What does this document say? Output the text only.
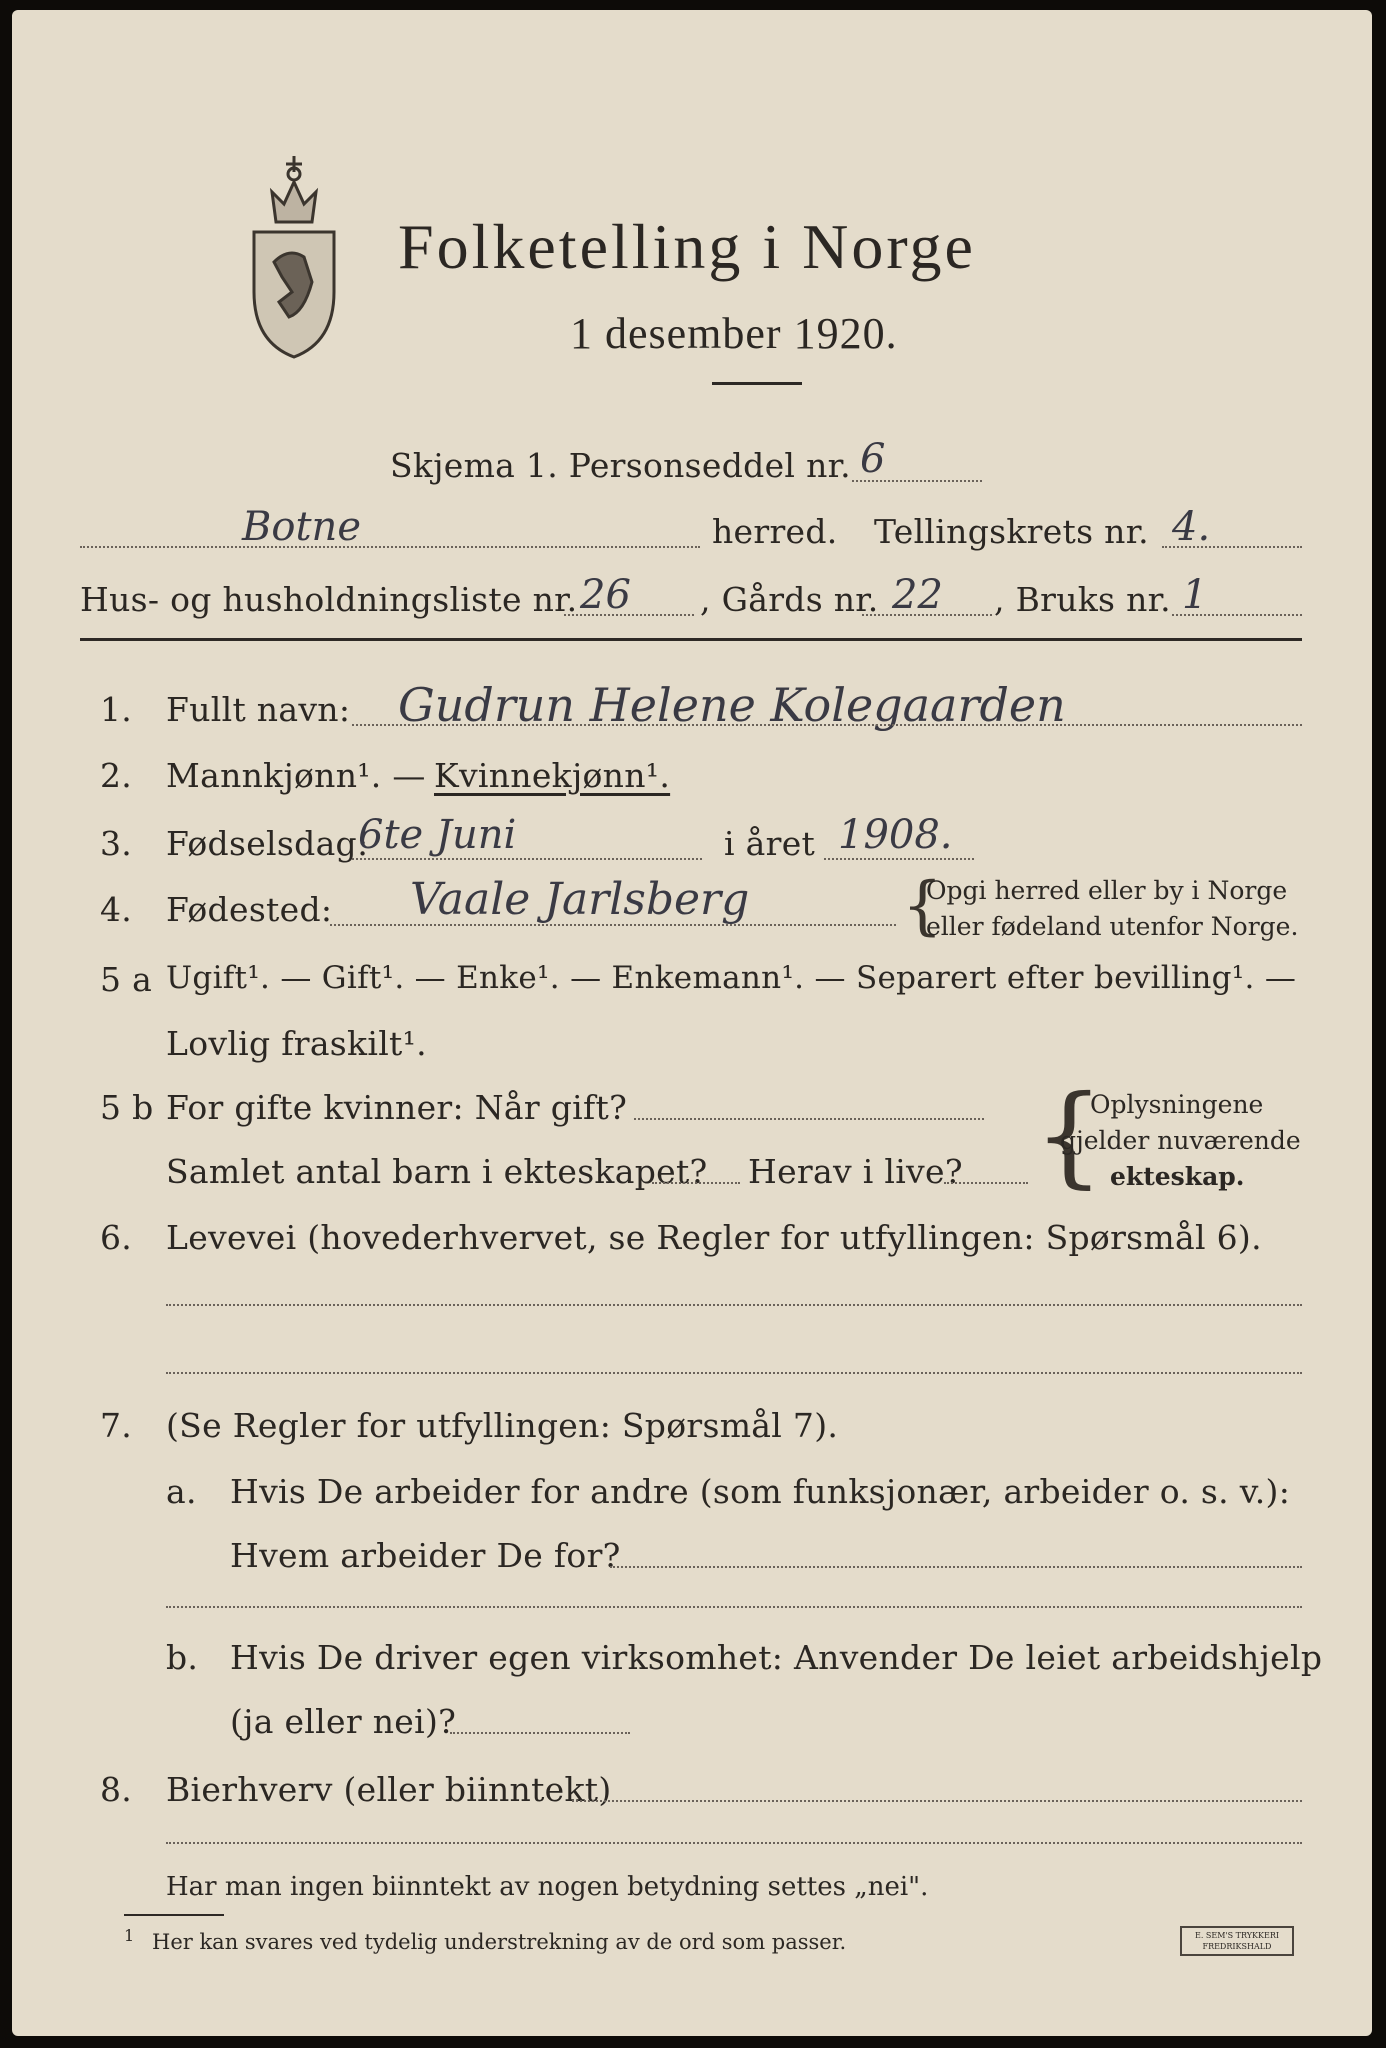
Folketelling i Norge
1 desember 1920.
Skjema 1. Personseddel nr. 6
Botne	herred. Tellingskrets nr. 4.
Hus- og husholdningsliste nr. 26 , Gårds nr. 22 , Bruks nr. 1
1. Fullt navn: Gudrun Helene Kolegaarden
2. Mannkjønn¹. — Kvinnekjønn¹.
3. Fødselsdag:
6te Juni	i året 1908.
4. Fødested: Vaale Jarlsberg {
Opgi herred eller by i Norge
eller fødeland utenfor Norge.
5 a Ugift¹. — Gift¹. — Enke¹. — Enkemann¹. — Separert efter bevilling¹. —
Lovlig fraskilt¹.
5 b For gifte kvinner: Når gift?
Samlet antal barn i ekteskapet? Herav i live? {
Oplysningene
gjelder nuværende
ekteskap.
6. Levevei (hovederhvervet, se Regler for utfyllingen: Spørsmål 6).
7. (Se Regler for utfyllingen: Spørsmål 7).
a. Hvis De arbeider for andre (som funksjonær, arbeider o. s. v.):
Hvem arbeider De for?
b. Hvis De driver egen virksomhet: Anvender De leiet arbeidshjelp
(ja eller nei)?
8. Bierhverv (eller biinntekt)
Har man ingen biinntekt av nogen betydning settes „nei".
1 Her kan svares ved tydelig understrekning av de ord som passer.	E. SEM'S TRYKKERI FREDRIKSHALD
